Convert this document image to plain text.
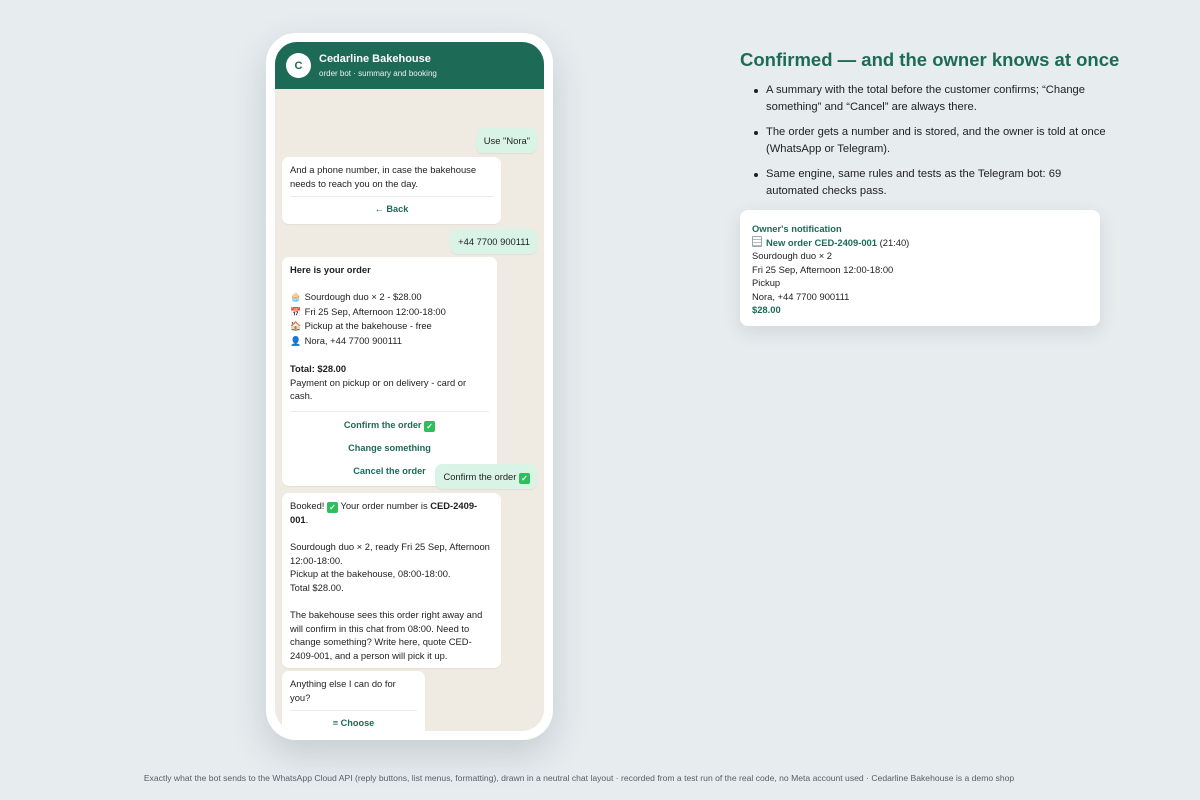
C
Cedarline Bakehouse
order bot · summary and booking
Use "Nora"
And a phone number, in case the bakehouse
needs to reach you on the day.
← Back
+44 7700 900111
Here is your order
🧁 Sourdough duo × 2 - $28.00
📅 Fri 25 Sep, Afternoon 12:00-18:00
🏠 Pickup at the bakehouse - free
👤 Nora, +44 7700 900111
Total: $28.00
Payment on pickup or on delivery - card or cash.
Confirm the order ✓
Change something
Cancel the order
Confirm the order ✓
Booked! ✓ Your order number is CED-2409-
001.
Sourdough duo × 2, ready Fri 25 Sep, Afternoon
12:00-18:00.
Pickup at the bakehouse, 08:00-18:00.
Total $28.00.
The bakehouse sees this order right away and
will confirm in this chat from 08:00. Need to
change something? Write here, quote CED-
2409-001, and a person will pick it up.
Anything else I can do for you?
≡ Choose
Confirmed — and the owner knows at once
A summary with the total before the customer confirms; “Change something” and “Cancel” are always there.
The order gets a number and is stored, and the owner is told at once (WhatsApp or Telegram).
Same engine, same rules and tests as the Telegram bot: 69 automated checks pass.
Owner's notification
New order CED-2409-001 (21:40)
Sourdough duo × 2
Fri 25 Sep, Afternoon 12:00-18:00
Pickup
Nora, +44 7700 900111
$28.00
Exactly what the bot sends to the WhatsApp Cloud API (reply buttons, list menus, formatting), drawn in a neutral chat layout · recorded from a test run of the real code, no Meta account used · Cedarline Bakehouse is a demo shop
